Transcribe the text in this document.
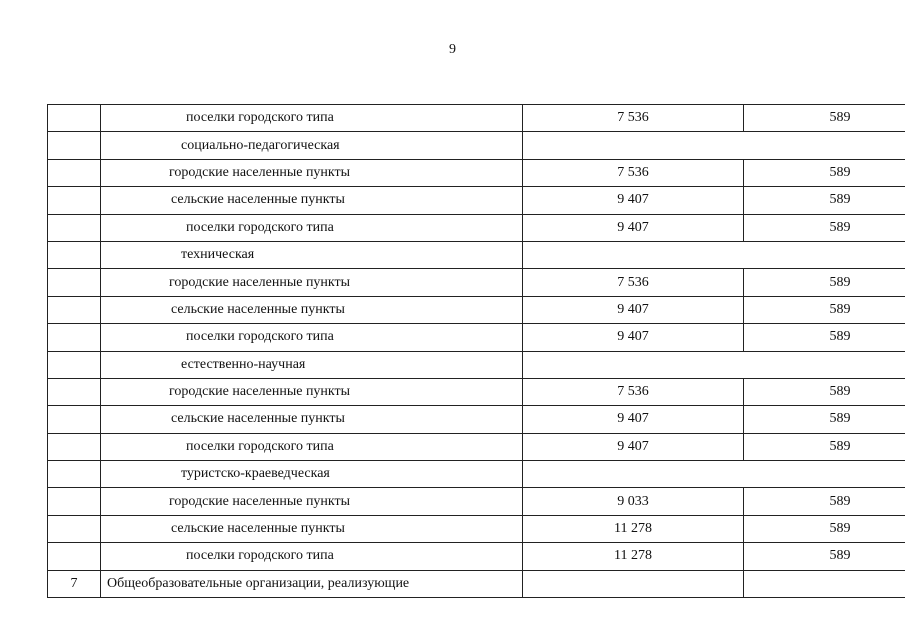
9
	поселки городского типа	7 536	589
	социально-педагогическая		
	городские населенные пункты	7 536	589
	сельские населенные пункты	9 407	589
	поселки городского типа	9 407	589
	техническая		
	городские населенные пункты	7 536	589
	сельские населенные пункты	9 407	589
	поселки городского типа	9 407	589
	естественно-научная		
	городские населенные пункты	7 536	589
	сельские населенные пункты	9 407	589
	поселки городского типа	9 407	589
	туристско-краеведческая		
	городские населенные пункты	9 033	589
	сельские населенные пункты	11 278	589
	поселки городского типа	11 278	589
7	Общеобразовательные организации, реализующие		
